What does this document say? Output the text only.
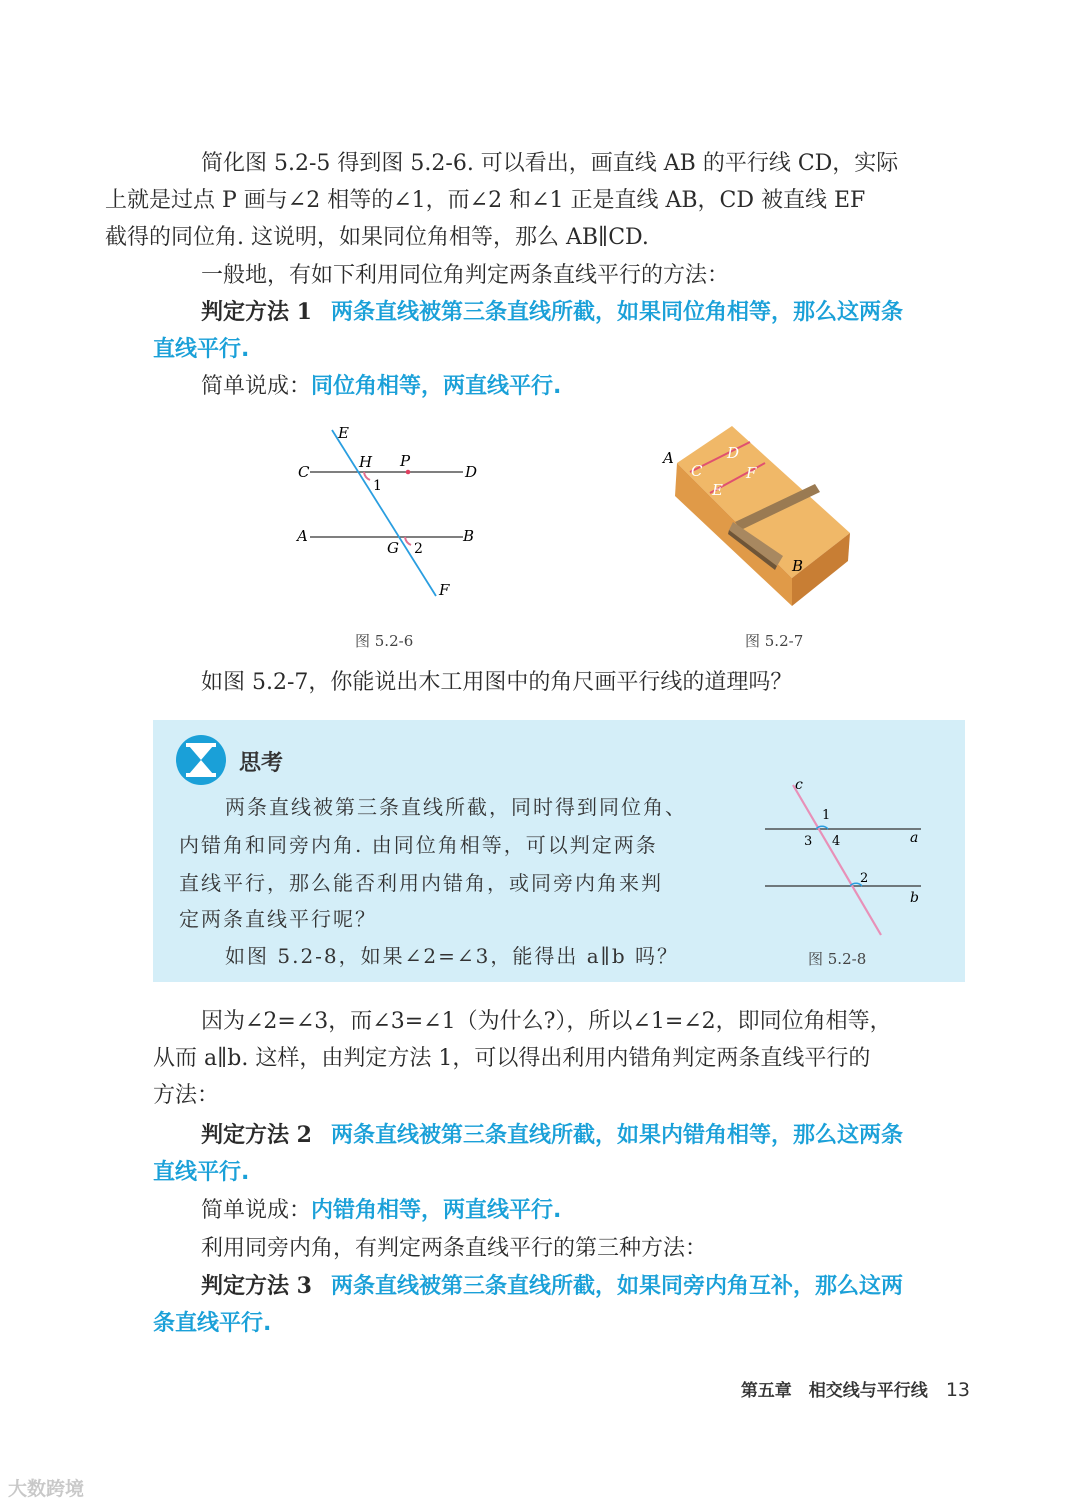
简化图 5.2-5 得到图 5.2-6. 可以看出，画直线 AB 的平行线 CD，实际
上就是过点 P 画与∠2 相等的∠1，而∠2 和∠1 正是直线 AB，CD 被直线 EF
截得的同位角. 这说明，如果同位角相等，那么 AB∥CD.

一般地，有如下利用同位角判定两条直线平行的方法：

判定方法 1 两条直线被第三条直线所截，如果同位角相等，那么这两条
直线平行.

简单说成：同位角相等，两直线平行.

E
C
H P
D
1
A
G 2
B
F
图 5.2-6
A
C
D
E
F
B
图 5.2-7

如图 5.2-7，你能说出木工用图中的角尺画平行线的道理吗？

思考

两条直线被第三条直线所截，同时得到同位角、

内错角和同旁内角. 由同位角相等，可以判定两条

直线平行，那么能否利用内错角，或同旁内角来判

定两条直线平行呢？

如图 5.2-8，如果∠2=∠3，能得出 a∥b 吗？

c
1
3 4	a
2
b
图 5.2-8

因为∠2=∠3，而∠3=∠1（为什么?），所以∠1=∠2，即同位角相等，
从而 a∥b. 这样，由判定方法 1，可以得出利用内错角判定两条直线平行的
方法：

判定方法 2 两条直线被第三条直线所截，如果内错角相等，那么这两条
直线平行.

简单说成：内错角相等，两直线平行.

利用同旁内角，有判定两条直线平行的第三种方法：

判定方法 3 两条直线被第三条直线所截，如果同旁内角互补，那么这两
条直线平行.

第五章　相交线与平行线 13
大数跨境
